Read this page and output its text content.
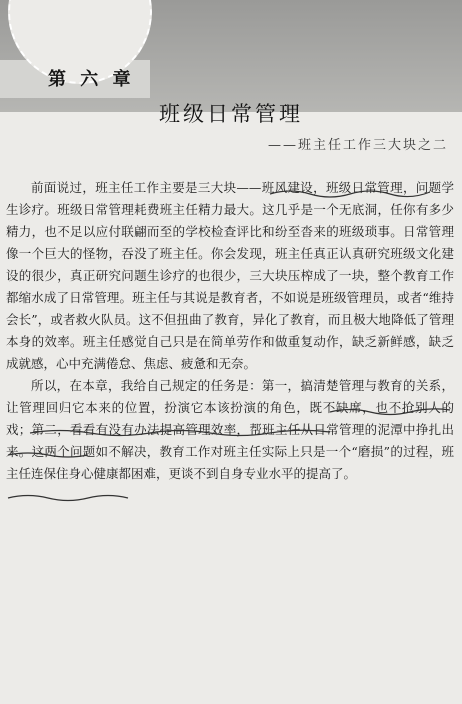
第 六 章
班级日常管理
——班主任工作三大块之二

前面说过，班主任工作主要是三大块——班风建设，班级日常管理，问题学生诊疗。班级日常管理耗费班主任精力最大。这几乎是一个无底洞，任你有多少精力，也不足以应付联翩而至的学校检查评比和纷至沓来的班级琐事。日常管理像一个巨大的怪物，吞没了班主任。你会发现，班主任真正认真研究班级文化建设的很少，真正研究问题生诊疗的也很少，三大块压榨成了一块，整个教育工作都缩水成了日常管理。班主任与其说是教育者，不如说是班级管理员，或者“维持会长”，或者救火队员。这不但扭曲了教育，异化了教育，而且极大地降低了管理本身的效率。班主任感觉自己只是在简单劳作和做重复动作，缺乏新鲜感，缺乏成就感，心中充满倦怠、焦虑、疲惫和无奈。

所以，在本章，我给自己规定的任务是：第一，搞清楚管理与教育的关系，让管理回归它本来的位置，扮演它本该扮演的角色，既不缺席，也不抢别人的戏；第二，看看有没有办法提高管理效率，帮班主任从日常管理的泥潭中挣扎出来。这两个问题如不解决，教育工作对班主任实际上只是一个“磨损”的过程，班主任连保住身心健康都困难，更谈不到自身专业水平的提高了。
